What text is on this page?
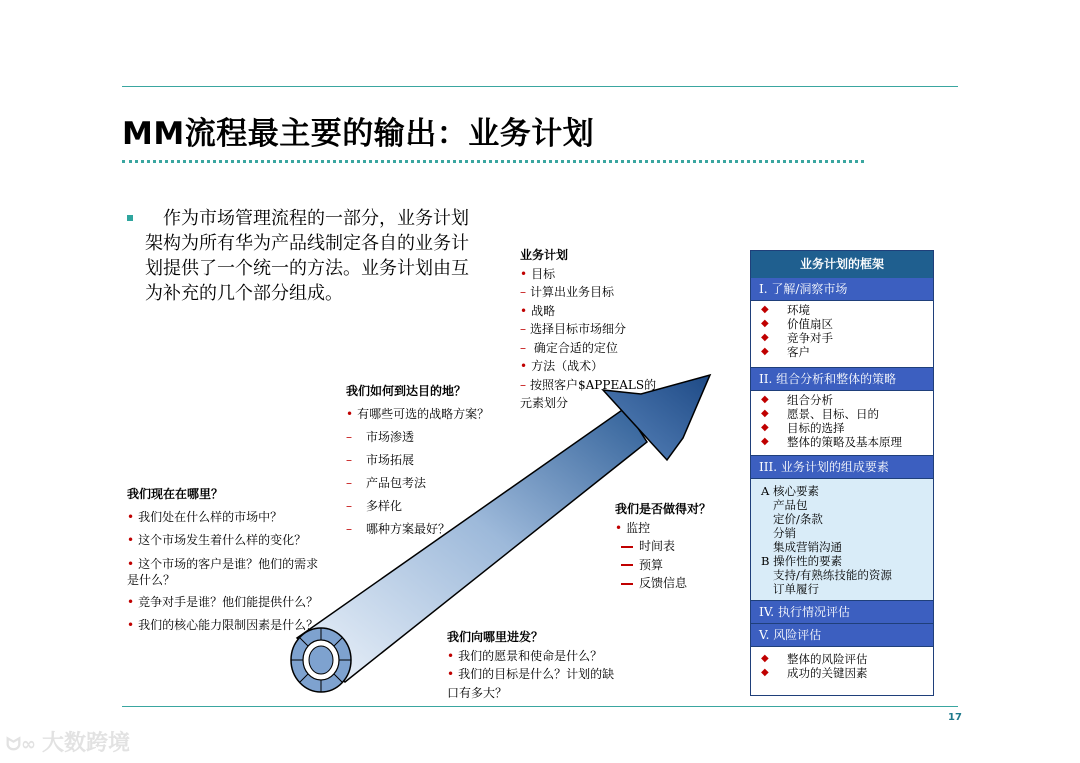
MM流程最主要的输出：业务计划
作为市场管理流程的一部分，业务计划架构为所有华为产品线制定各自的业务计划提供了一个统一的方法。业务计划由互为补充的几个部分组成。
业务计划
• 目标
– 计算出业务目标
• 战略
– 选择目标市场细分
– 确定合适的定位
• 方法（战术）
– 按照客户$APPEALS的
元素划分
我们如何到达目的地？
• 有哪些可选的战略方案？
– 市场渗透
– 市场拓展
– 产品包考法
– 多样化
– 哪种方案最好？
我们现在在哪里？
• 我们处在什么样的市场中？
• 这个市场发生着什么样的变化？
• 这个市场的客户是谁？他们的需求
是什么？
• 竞争对手是谁？他们能提供什么？
• 我们的核心能力限制因素是什么？
我们是否做得对？
• 监控
时间表
预算
反馈信息
我们向哪里进发？
• 我们的愿景和使命是什么？
• 我们的目标是什么？计划的缺
口有多大？
业务计划的框架
I. 了解/洞察市场
◆	环境
◆	价值扇区
◆	竞争对手
◆	客户
II. 组合分析和整体的策略
◆	组合分析
◆	愿景、目标、日的
◆	目标的选择
◆	整体的策略及基本原理
III. 业务计划的组成要素
A 核心要素
产品包
定价/条款
分销
集成营销沟通
B 操作性的要素
支持/有熟练技能的资源
订单履行
IV. 执行情况评估
V. 风险评估
◆	整体的风险评估
◆	成功的关键因素
17
ᗢ∞ 大数跨境
